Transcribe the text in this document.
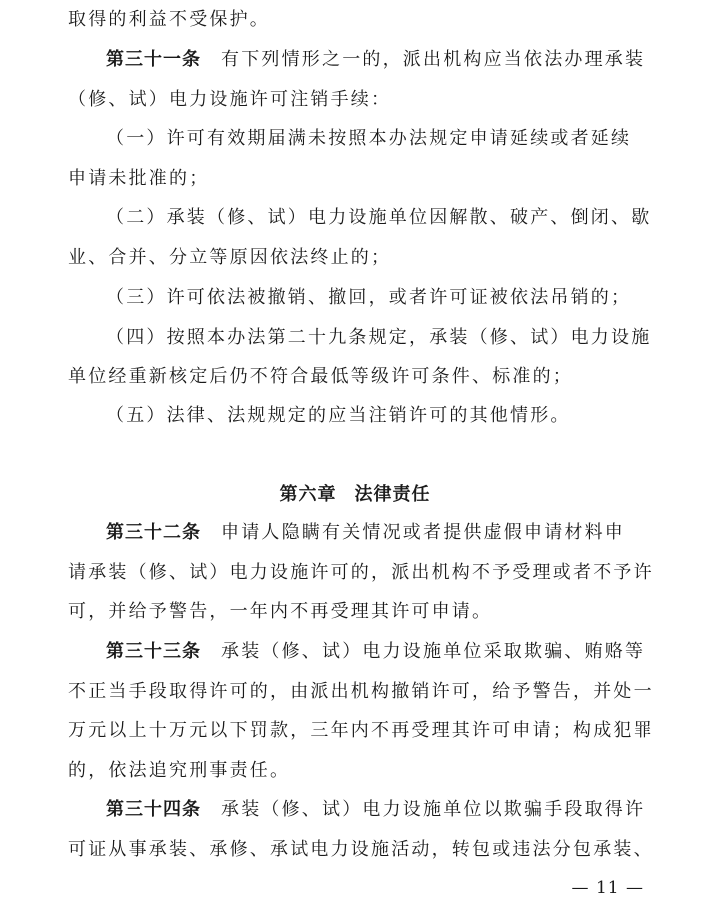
取得的利益不受保护。
第三十一条 有下列情形之一的，派出机构应当依法办理承装
（修、试）电力设施许可注销手续：
（一）许可有效期届满未按照本办法规定申请延续或者延续
申请未批准的；
（二）承装（修、试）电力设施单位因解散、破产、倒闭、歇
业、合并、分立等原因依法终止的；
（三）许可依法被撤销、撤回，或者许可证被依法吊销的；
（四）按照本办法第二十九条规定，承装（修、试）电力设施
单位经重新核定后仍不符合最低等级许可条件、标准的；
（五）法律、法规规定的应当注销许可的其他情形。
第六章 法律责任
第三十二条 申请人隐瞒有关情况或者提供虚假申请材料申
请承装（修、试）电力设施许可的，派出机构不予受理或者不予许
可，并给予警告，一年内不再受理其许可申请。
第三十三条 承装（修、试）电力设施单位采取欺骗、贿赂等
不正当手段取得许可的，由派出机构撤销许可，给予警告，并处一
万元以上十万元以下罚款，三年内不再受理其许可申请；构成犯罪
的，依法追究刑事责任。
第三十四条 承装（修、试）电力设施单位以欺骗手段取得许
可证从事承装、承修、承试电力设施活动，转包或违法分包承装、
— 11 —
